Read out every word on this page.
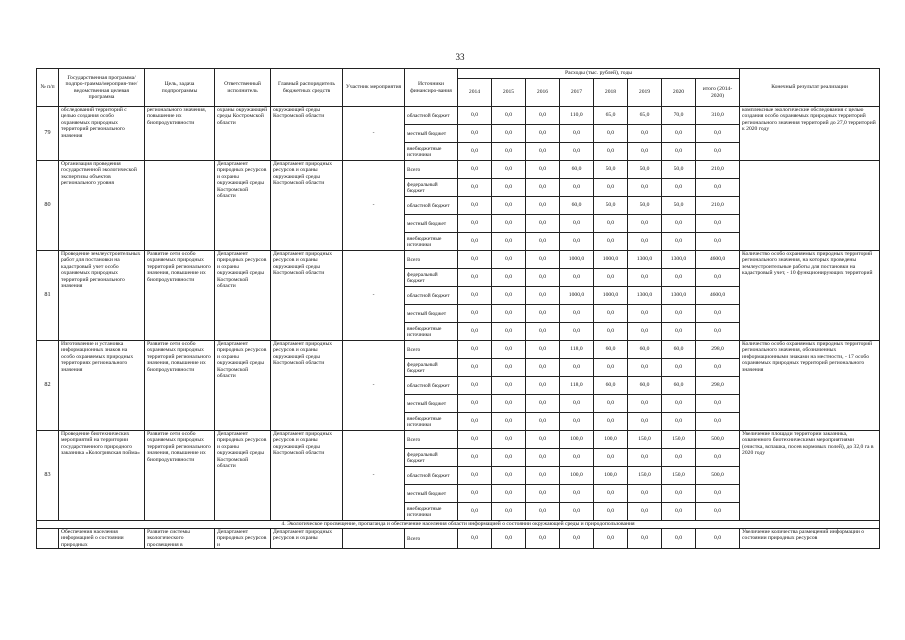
33
№ п/п	Государственная программа/подпро-грамма/мероприя-тие/ведомственная целевая программа	Цель, задача подпрограммы	Ответственный исполнитель	Главный распорядитель бюджетных средств	Участник мероприятия	Источники финансиро-вания	Расходы (тыс. рублей), годы								Конечный результат реализации
							2014	2015	2016	2017	2018	2019	2020	итого (2014-2020)	
79	обследований территорий с целью создания особо охраняемых природных территорий регионального значения	регионального значения, повышение их биопродуктивности	охраны окружающей среды Костромской области	окружающей среды Костромской области	-	областной бюджет	0,0	0,0	0,0	110,0	65,0	65,0	70,0	310,0	комплексные экологические обследования с целью создания особо охраняемых природных территорий регионального значения территорий до 27,0 территорий к 2020 году
						местный бюджет	0,0	0,0	0,0	0,0	0,0	0,0	0,0	0,0	
						внебюджетные источники	0,0	0,0	0,0	0,0	0,0	0,0	0,0	0,0	
80	Организация проведения государственной экологической экспертизы объектов регионального уровня		Департамент природных ресурсов и охраны окружающей среды Костромской области	Департамент природных ресурсов и охраны окружающей среды Костромской области	-	Всего	0,0	0,0	0,0	60,0	50,0	50,0	50,0	210,0	
						федеральный бюджет	0,0	0,0	0,0	0,0	0,0	0,0	0,0	0,0	
						областной бюджет	0,0	0,0	0,0	60,0	50,0	50,0	50,0	210,0	
						местный бюджет	0,0	0,0	0,0	0,0	0,0	0,0	0,0	0,0	
						внебюджетные источники	0,0	0,0	0,0	0,0	0,0	0,0	0,0	0,0	
81	Проведение землеустроительных работ для постановки на кадастровый учет особо охраняемых природных территорий регионального значения	Развитие сети особо охраняемых природных территорий регионального значения, повышение их биопродуктивности	Департамент природных ресурсов и охраны окружающей среды Костромской области	Департамент природных ресурсов и охраны окружающей среды Костромской области	-	Всего	0,0	0,0	0,0	1000,0	1000,0	1300,0	1300,0	4600,0	Количество особо охраняемых природных территорий регионального значения, на которых проведены землеустроительные работы для постановки на кадастровый учет, - 10 функционирующих территорий
						федеральный бюджет	0,0	0,0	0,0	0,0	0,0	0,0	0,0	0,0	
						областной бюджет	0,0	0,0	0,0	1000,0	1000,0	1300,0	1300,0	4600,0	
						местный бюджет	0,0	0,0	0,0	0,0	0,0	0,0	0,0	0,0	
						внебюджетные источники	0,0	0,0	0,0	0,0	0,0	0,0	0,0	0,0	
82	Изготовление и установка информационных знаков на особо охраняемых природных территориях регионального значения	Развитие сети особо охраняемых природных территорий регионального значения, повышение их биопродуктивности	Департамент природных ресурсов и охраны окружающей среды Костромской области	Департамент природных ресурсов и охраны окружающей среды Костромской области	-	Всего	0,0	0,0	0,0	118,0	60,0	60,0	60,0	298,0	Количество особо охраняемых природных территорий регионального значения, обозначенных информационными знаками на местности, - 17 особо охраняемых природных территорий регионального значения
						федеральный бюджет	0,0	0,0	0,0	0,0	0,0	0,0	0,0	0,0	
						областной бюджет	0,0	0,0	0,0	118,0	60,0	60,0	60,0	298,0	
						местный бюджет	0,0	0,0	0,0	0,0	0,0	0,0	0,0	0,0	
						внебюджетные источники	0,0	0,0	0,0	0,0	0,0	0,0	0,0	0,0	
83	Проведение биотехнических мероприятий на территории государственного природного заказника «Кологривская пойма»	Развитие сети особо охраняемых природных территорий регионального значения, повышение их биопродуктивности	Департамент природных ресурсов и охраны окружающей среды Костромской области	Департамент природных ресурсов и охраны окружающей среды Костромской области	-	Всего	0,0	0,0	0,0	100,0	100,0	150,0	150,0	500,0	Увеличение площади территории заказника, охваченного биотехническими мероприятиями (очистка, вспашка, посев кормовых полей), до 32,0 га в 2020 году
						федеральный бюджет	0,0	0,0	0,0	0,0	0,0	0,0	0,0	0,0	
						областной бюджет	0,0	0,0	0,0	100,0	100,0	150,0	150,0	500,0	
						местный бюджет	0,0	0,0	0,0	0,0	0,0	0,0	0,0	0,0	
						внебюджетные источники	0,0	0,0	0,0	0,0	0,0	0,0	0,0	0,0	
4. Экологическое просвещение, пропаганда и обеспечение населения области информацией о состоянии окружающей среды и природопользования															
	Обеспечения населения информацией о состоянии природных	Развитие системы экологического просвещения в	Департамент природных ресурсов и	Департамент природных ресурсов и охраны		Всего	0,0	0,0	0,0	0,0	0,0	0,0	0,0	0,0	Увеличение количества размещений информации о состоянии природных ресурсов
